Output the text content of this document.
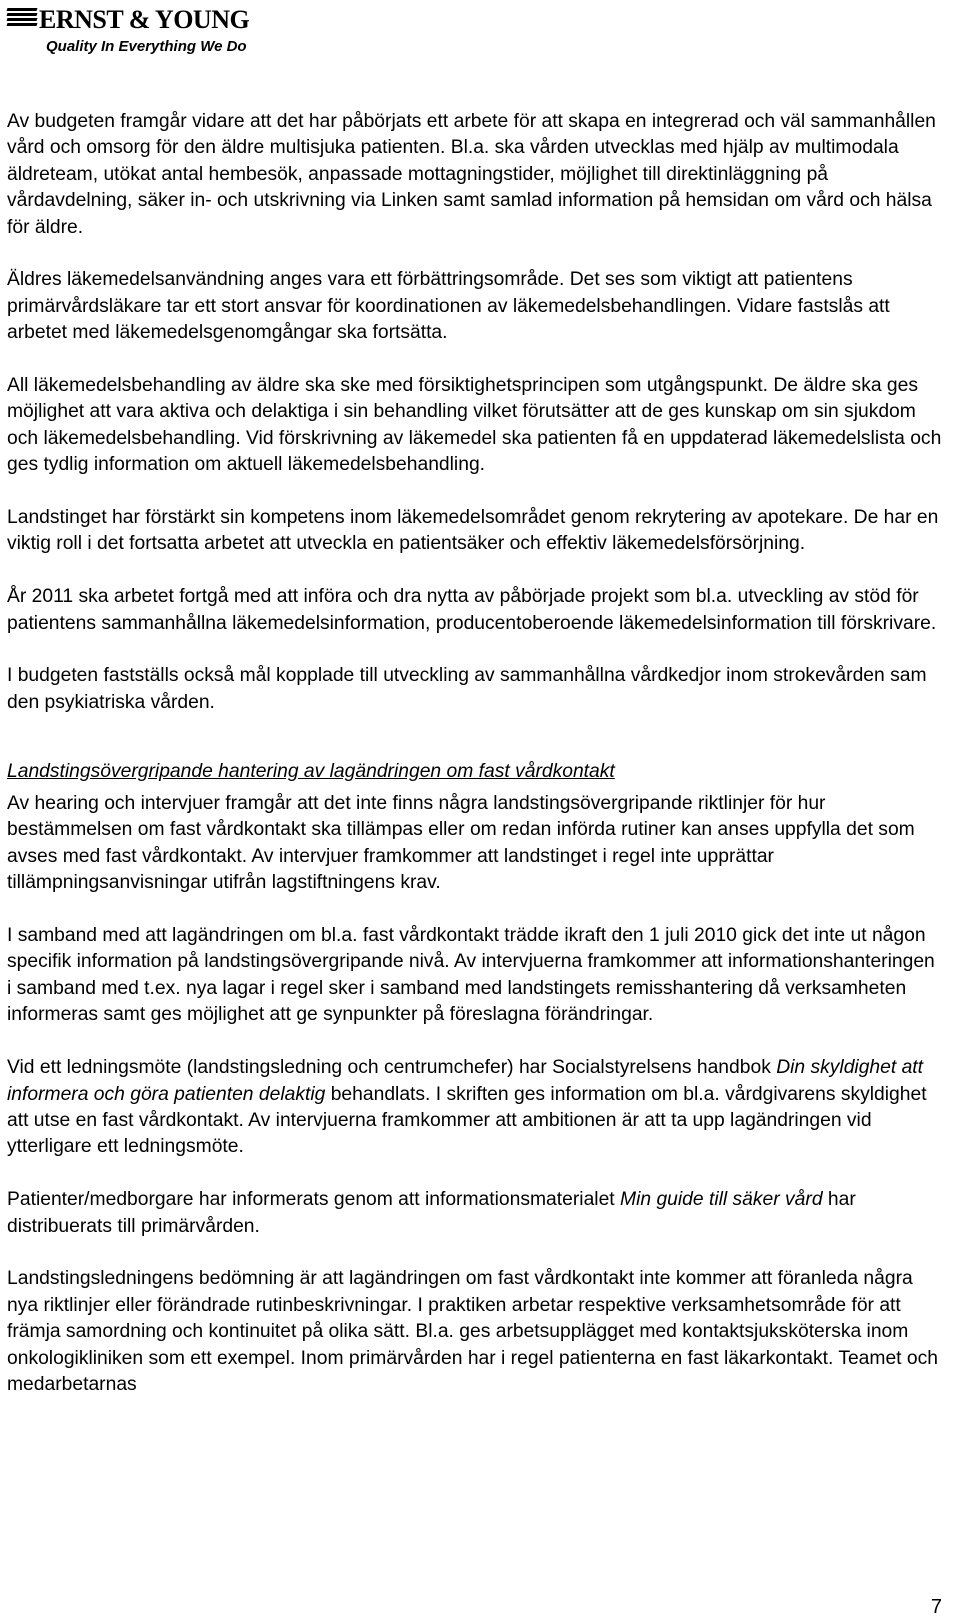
ERNST & YOUNG
Quality In Everything We Do

Av budgeten framgår vidare att det har påbörjats ett arbete för att skapa en integrerad och väl sammanhållen vård och omsorg för den äldre multisjuka patienten. Bl.a. ska vården utvecklas med hjälp av multimodala äldreteam, utökat antal hembesök, anpassade mottagningstider, möjlighet till direktinläggning på vårdavdelning, säker in- och utskrivning via Linken samt samlad information på hemsidan om vård och hälsa för äldre.

Äldres läkemedelsanvändning anges vara ett förbättringsområde. Det ses som viktigt att patientens primärvårdsläkare tar ett stort ansvar för koordinationen av läkemedelsbehandlingen. Vidare fastslås att arbetet med läkemedelsgenomgångar ska fortsätta.

All läkemedelsbehandling av äldre ska ske med försiktighetsprincipen som utgångspunkt. De äldre ska ges möjlighet att vara aktiva och delaktiga i sin behandling vilket förutsätter att de ges kunskap om sin sjukdom och läkemedelsbehandling. Vid förskrivning av läkemedel ska patienten få en uppdaterad läkemedelslista och ges tydlig information om aktuell läkemedelsbehandling.

Landstinget har förstärkt sin kompetens inom läkemedelsområdet genom rekrytering av apotekare. De har en viktig roll i det fortsatta arbetet att utveckla en patientsäker och effektiv läkemedelsförsörjning.

År 2011 ska arbetet fortgå med att införa och dra nytta av påbörjade projekt som bl.a. utveckling av stöd för patientens sammanhållna läkemedelsinformation, producentoberoende läkemedelsinformation till förskrivare.

I budgeten fastställs också mål kopplade till utveckling av sammanhållna vårdkedjor inom strokevården sam den psykiatriska vården.

Landstingsövergripande hantering av lagändringen om fast vårdkontakt

Av hearing och intervjuer framgår att det inte finns några landstingsövergripande riktlinjer för hur bestämmelsen om fast vårdkontakt ska tillämpas eller om redan införda rutiner kan anses uppfylla det som avses med fast vårdkontakt. Av intervjuer framkommer att landstinget i regel inte upprättar tillämpningsanvisningar utifrån lagstiftningens krav.

I samband med att lagändringen om bl.a. fast vårdkontakt trädde ikraft den 1 juli 2010 gick det inte ut någon specifik information på landstingsövergripande nivå. Av intervjuerna framkommer att informationshanteringen i samband med t.ex. nya lagar i regel sker i samband med landstingets remisshantering då verksamheten informeras samt ges möjlighet att ge synpunkter på föreslagna förändringar.

Vid ett ledningsmöte (landstingsledning och centrumchefer) har Socialstyrelsens handbok Din skyldighet att informera och göra patienten delaktig behandlats. I skriften ges information om bl.a. vårdgivarens skyldighet att utse en fast vårdkontakt. Av intervjuerna framkommer att ambitionen är att ta upp lagändringen vid ytterligare ett ledningsmöte.

Patienter/medborgare har informerats genom att informationsmaterialet Min guide till säker vård har distribuerats till primärvården.

Landstingsledningens bedömning är att lagändringen om fast vårdkontakt inte kommer att föranleda några nya riktlinjer eller förändrade rutinbeskrivningar. I praktiken arbetar respektive verksamhetsområde för att främja samordning och kontinuitet på olika sätt. Bl.a. ges arbetsupplägget med kontaktsjuksköterska inom onkologikliniken som ett exempel. Inom primärvården har i regel patienterna en fast läkarkontakt. Teamet och medarbetarnas

7
